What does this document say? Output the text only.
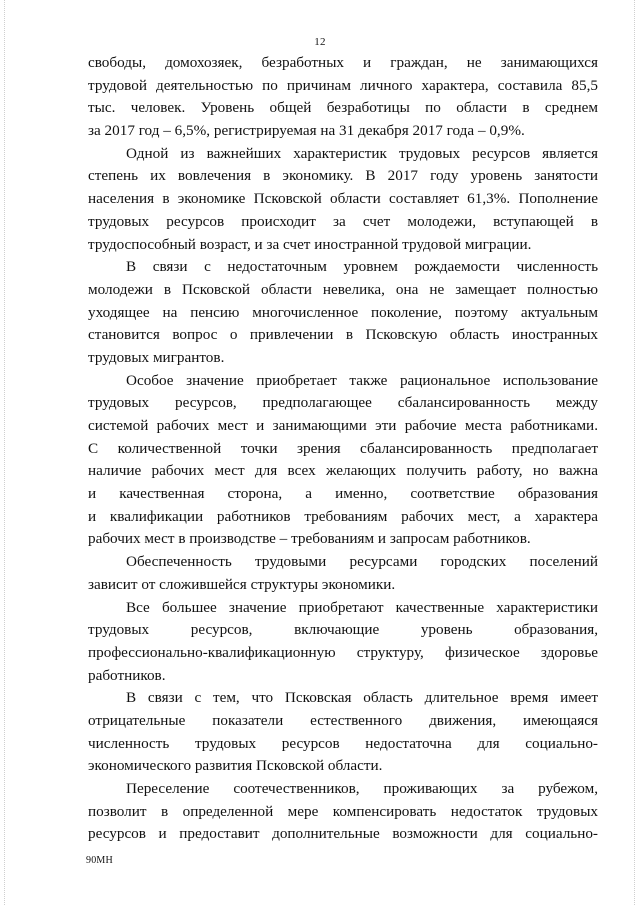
12
свободы, домохозяек, безработных и граждан, не занимающихся
трудовой деятельностью по причинам личного характера, составила 85,5
тыс. человек. Уровень общей безработицы по области в среднем
за 2017 год – 6,5%, регистрируемая на 31 декабря 2017 года – 0,9%.
Одной из важнейших характеристик трудовых ресурсов является
степень их вовлечения в экономику. В 2017 году уровень занятости
населения в экономике Псковской области составляет 61,3%. Пополнение
трудовых ресурсов происходит за счет молодежи, вступающей в
трудоспособный возраст, и за счет иностранной трудовой миграции.
В связи с недостаточным уровнем рождаемости численность
молодежи в Псковской области невелика, она не замещает полностью
уходящее на пенсию многочисленное поколение, поэтому актуальным
становится вопрос о привлечении в Псковскую область иностранных
трудовых мигрантов.
Особое значение приобретает также рациональное использование
трудовых ресурсов, предполагающее сбалансированность между
системой рабочих мест и занимающими эти рабочие места работниками.
С количественной точки зрения сбалансированность предполагает
наличие рабочих мест для всех желающих получить работу, но важна
и качественная сторона, а именно, соответствие образования
и квалификации работников требованиям рабочих мест, а характера
рабочих мест в производстве – требованиям и запросам работников.
Обеспеченность трудовыми ресурсами городских поселений
зависит от сложившейся структуры экономики.
Все большее значение приобретают качественные характеристики
трудовых ресурсов, включающие уровень образования,
профессионально-квалификационную структуру, физическое здоровье
работников.
В связи с тем, что Псковская область длительное время имеет
отрицательные показатели естественного движения, имеющаяся
численность трудовых ресурсов недостаточна для социально-
экономического развития Псковской области.
Переселение соотечественников, проживающих за рубежом,
позволит в определенной мере компенсировать недостаток трудовых
ресурсов и предоставит дополнительные возможности для социально-
90МН
